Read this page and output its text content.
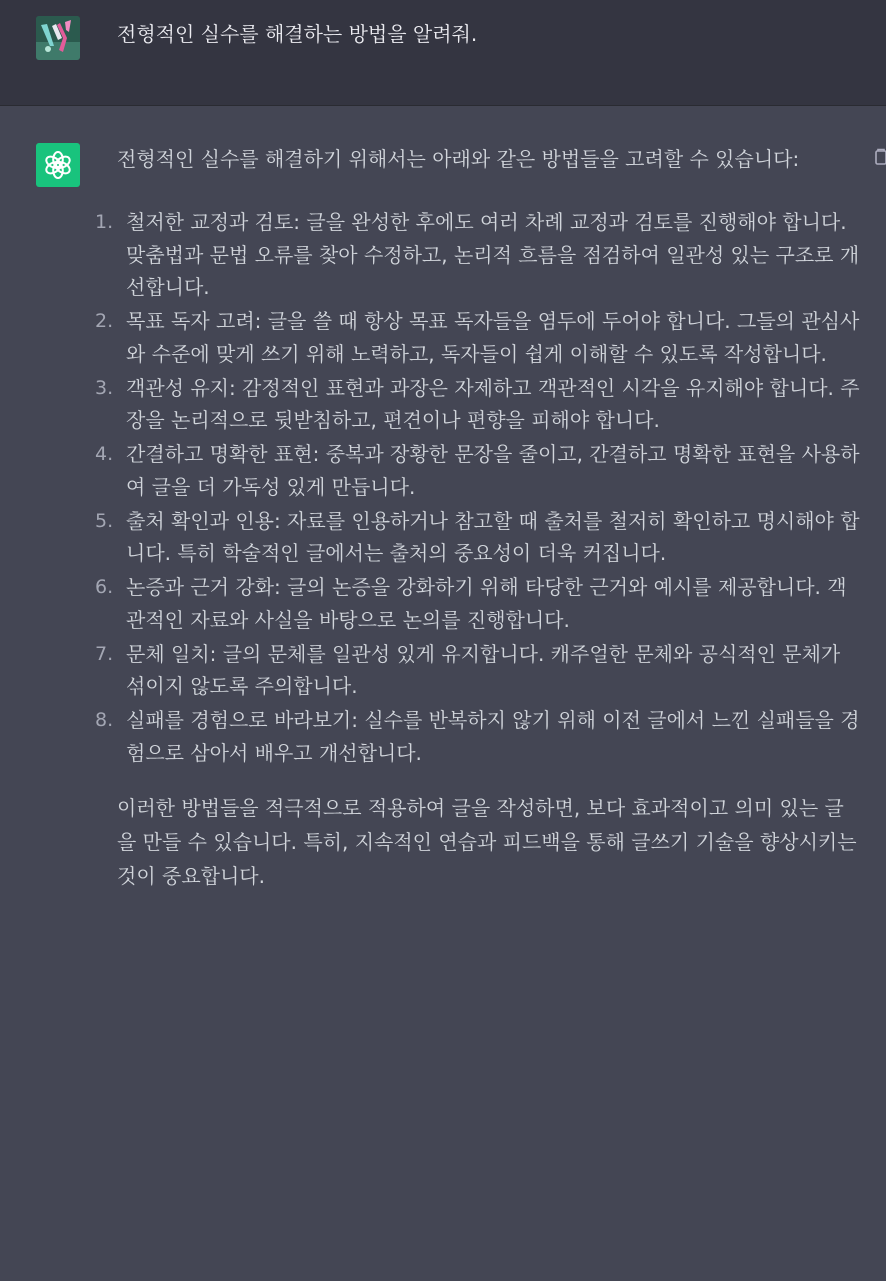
전형적인 실수를 해결하는 방법을 알려줘.

전형적인 실수를 해결하기 위해서는 아래와 같은 방법들을 고려할 수 있습니다:

1. 철저한 교정과 검토: 글을 완성한 후에도 여러 차례 교정과 검토를 진행해야 합니다. 맞춤법과 문법 오류를 찾아 수정하고, 논리적 흐름을 점검하여 일관성 있는 구조로 개선합니다.
2. 목표 독자 고려: 글을 쓸 때 항상 목표 독자들을 염두에 두어야 합니다. 그들의 관심사와 수준에 맞게 쓰기 위해 노력하고, 독자들이 쉽게 이해할 수 있도록 작성합니다.
3. 객관성 유지: 감정적인 표현과 과장은 자제하고 객관적인 시각을 유지해야 합니다. 주장을 논리적으로 뒷받침하고, 편견이나 편향을 피해야 합니다.
4. 간결하고 명확한 표현: 중복과 장황한 문장을 줄이고, 간결하고 명확한 표현을 사용하여 글을 더 가독성 있게 만듭니다.
5. 출처 확인과 인용: 자료를 인용하거나 참고할 때 출처를 철저히 확인하고 명시해야 합니다. 특히 학술적인 글에서는 출처의 중요성이 더욱 커집니다.
6. 논증과 근거 강화: 글의 논증을 강화하기 위해 타당한 근거와 예시를 제공합니다. 객관적인 자료와 사실을 바탕으로 논의를 진행합니다.
7. 문체 일치: 글의 문체를 일관성 있게 유지합니다. 캐주얼한 문체와 공식적인 문체가 섞이지 않도록 주의합니다.
8. 실패를 경험으로 바라보기: 실수를 반복하지 않기 위해 이전 글에서 느낀 실패들을 경험으로 삼아서 배우고 개선합니다.

이러한 방법들을 적극적으로 적용하여 글을 작성하면, 보다 효과적이고 의미 있는 글을 만들 수 있습니다. 특히, 지속적인 연습과 피드백을 통해 글쓰기 기술을 향상시키는 것이 중요합니다.
